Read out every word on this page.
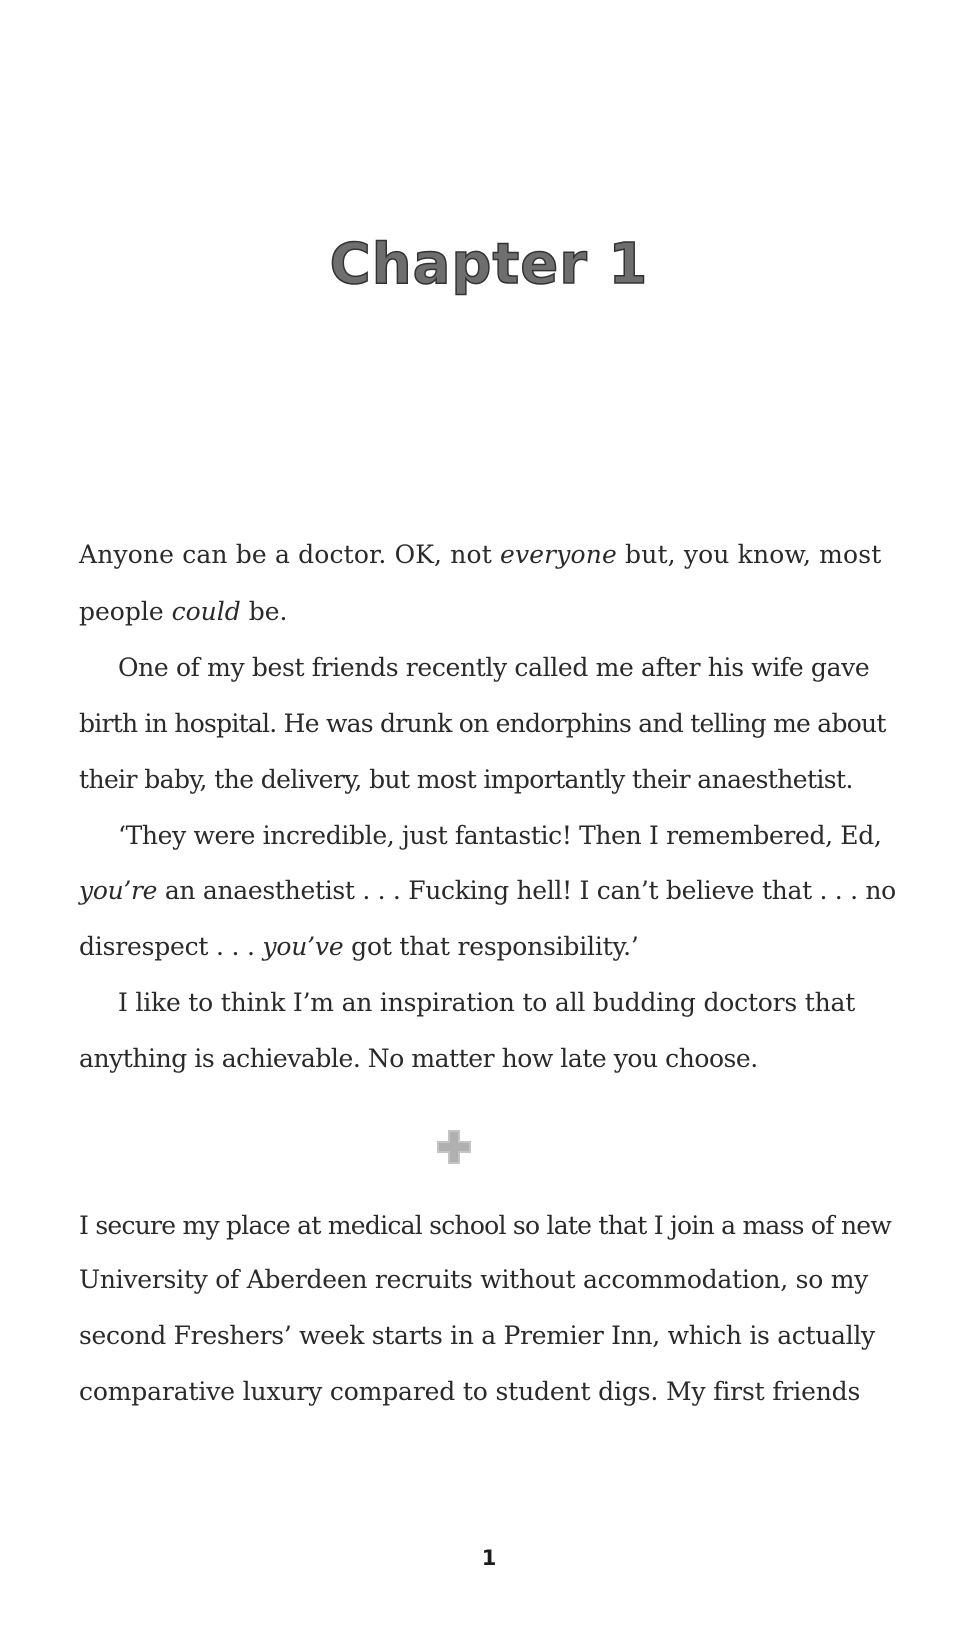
Chapter 1

Anyone can be a doctor. OK, not everyone but, you know, most

people could be.

One of my best friends recently called me after his wife gave

birth in hospital. He was drunk on endorphins and telling me about

their baby, the delivery, but most importantly their anaesthetist.

‘They were incredible, just fantastic! Then I remembered, Ed,

you’re an anaesthetist . . . Fucking hell! I can’t believe that . . . no

disrespect . . . you’ve got that responsibility.’

I like to think I’m an inspiration to all budding doctors that

anything is achievable. No matter how late you choose.

I secure my place at medical school so late that I join a mass of new

University of Aberdeen recruits without accommodation, so my

second Freshers’ week starts in a Premier Inn, which is actually

comparative luxury compared to student digs. My first friends

1
